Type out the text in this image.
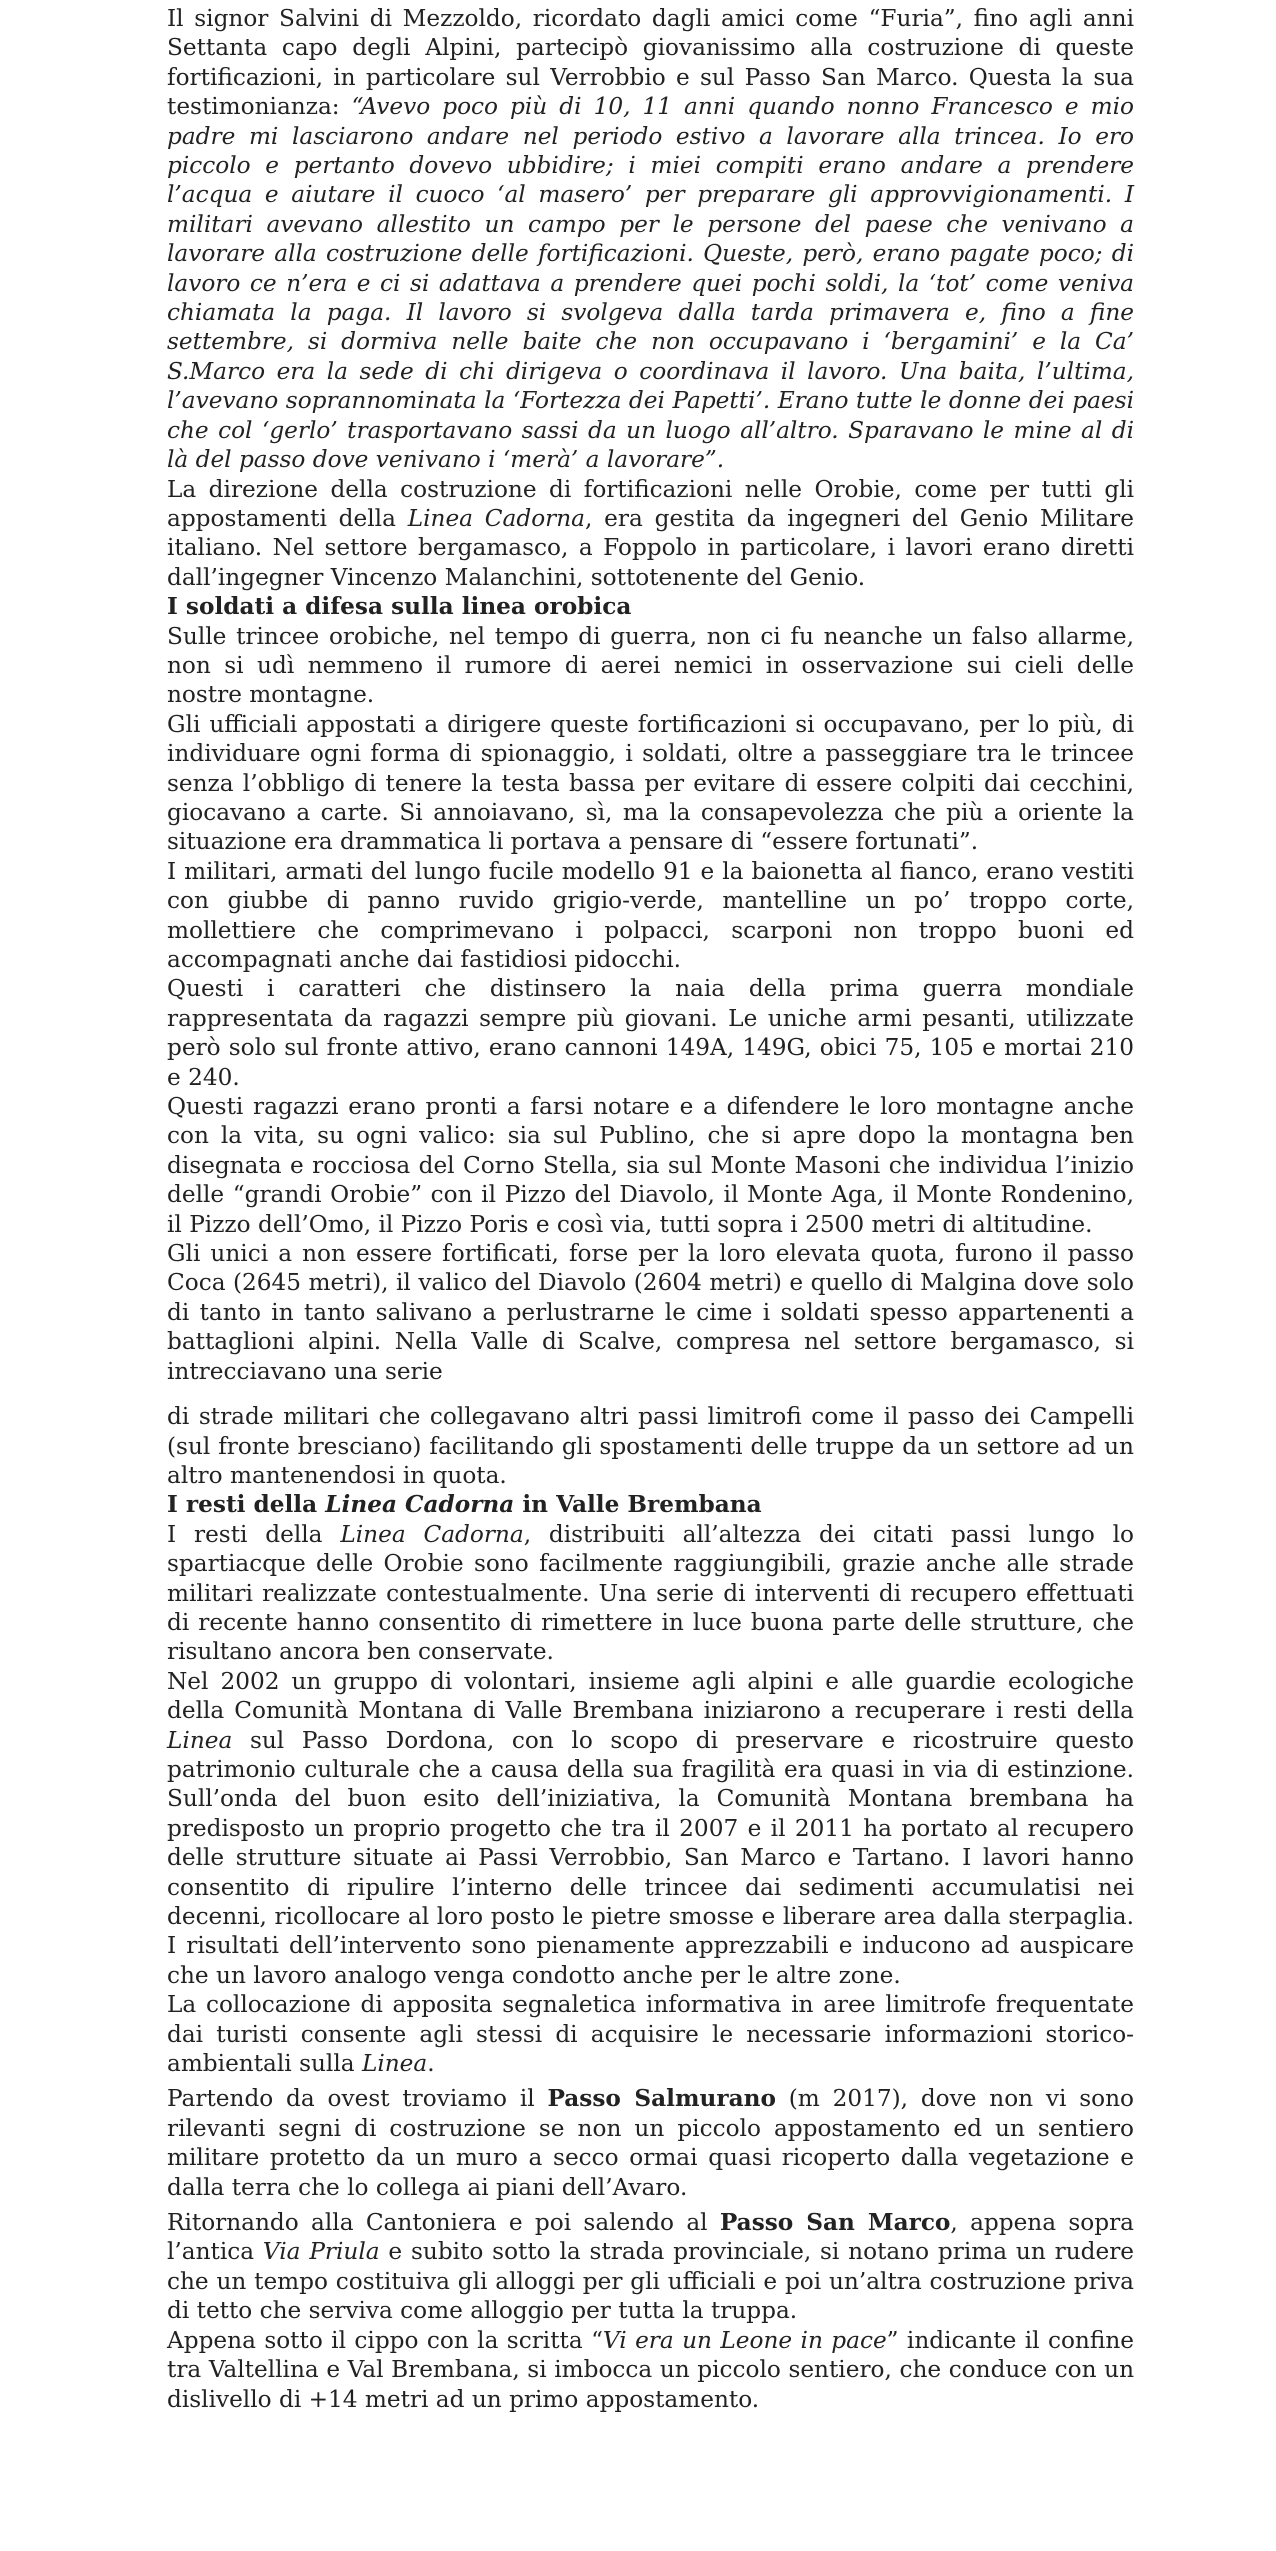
Il signor Salvini di Mezzoldo, ricordato dagli amici come “Furia”, fino agli anni Settanta capo degli Alpini, partecipò giovanissimo alla costruzione di queste fortificazioni, in particolare sul Verrobbio e sul Passo San Marco. Questa la sua testimonianza: “Avevo poco più di 10, 11 anni quando nonno Francesco e mio padre mi lasciarono andare nel periodo estivo a lavorare alla trincea. Io ero piccolo e pertanto dovevo ubbidire; i miei compiti erano andare a prendere l’acqua e aiutare il cuoco ‘al masero’ per preparare gli approvvigionamenti. I militari avevano allestito un campo per le persone del paese che venivano a lavorare alla costruzione delle fortificazioni. Queste, però, erano pagate poco; di lavoro ce n’era e ci si adattava a prendere quei pochi soldi, la ‘tot’ come veniva chiamata la paga. Il lavoro si svolgeva dalla tarda primavera e, fino a fine settembre, si dormiva nelle baite che non occupavano i ‘bergamini’ e la Ca’ S.Marco era la sede di chi dirigeva o coordinava il lavoro. Una baita, l’ultima, l’avevano soprannominata la ‘Fortezza dei Papetti’. Erano tutte le donne dei paesi che col ‘gerlo’ trasportavano sassi da un luogo all’altro. Sparavano le mine al di là del passo dove venivano i ‘merà’ a lavorare”.

La direzione della costruzione di fortificazioni nelle Orobie, come per tutti gli appostamenti della Linea Cadorna, era gestita da ingegneri del Genio Militare italiano. Nel settore bergamasco, a Foppolo in particolare, i lavori erano diretti dall’ingegner Vincenzo Malanchini, sottotenente del Genio.

I soldati a difesa sulla linea orobica

Sulle trincee orobiche, nel tempo di guerra, non ci fu neanche un falso allarme, non si udì nemmeno il rumore di aerei nemici in osservazione sui cieli delle nostre montagne.

Gli ufficiali appostati a dirigere queste fortificazioni si occupavano, per lo più, di individuare ogni forma di spionaggio, i soldati, oltre a passeggiare tra le trincee senza l’obbligo di tenere la testa bassa per evitare di essere colpiti dai cecchini, giocavano a carte. Si annoiavano, sì, ma la consapevolezza che più a oriente la situazione era drammatica li portava a pensare di “essere fortunati”.

I militari, armati del lungo fucile modello 91 e la baionetta al fianco, erano vestiti con giubbe di panno ruvido grigio-verde, mantelline un po’ troppo corte, mollettiere che comprimevano i polpacci, scarponi non troppo buoni ed accompagnati anche dai fastidiosi pidocchi.

Questi i caratteri che distinsero la naia della prima guerra mondiale rappresentata da ragazzi sempre più giovani. Le uniche armi pesanti, utilizzate però solo sul fronte attivo, erano cannoni 149A, 149G, obici 75, 105 e mortai 210 e 240.

Questi ragazzi erano pronti a farsi notare e a difendere le loro montagne anche con la vita, su ogni valico: sia sul Publino, che si apre dopo la montagna ben disegnata e rocciosa del Corno Stella, sia sul Monte Masoni che individua l’inizio delle “grandi Orobie” con il Pizzo del Diavolo, il Monte Aga, il Monte Rondenino, il Pizzo dell’Omo, il Pizzo Poris e così via, tutti sopra i 2500 metri di altitudine.

Gli unici a non essere fortificati, forse per la loro elevata quota, furono il passo Coca (2645 metri), il valico del Diavolo (2604 metri) e quello di Malgina dove solo di tanto in tanto salivano a perlustrarne le cime i soldati spesso appartenenti a battaglioni alpini. Nella Valle di Scalve, compresa nel settore bergamasco, si intrecciavano una serie

di strade militari che collegavano altri passi limitrofi come il passo dei Campelli (sul fronte bresciano) facilitando gli spostamenti delle truppe da un settore ad un altro mantenendosi in quota.

I resti della Linea Cadorna in Valle Brembana

I resti della Linea Cadorna, distribuiti all’altezza dei citati passi lungo lo spartiacque delle Orobie sono facilmente raggiungibili, grazie anche alle strade militari realizzate contestualmente. Una serie di interventi di recupero effettuati di recente hanno consentito di rimettere in luce buona parte delle strutture, che risultano ancora ben conservate.

Nel 2002 un gruppo di volontari, insieme agli alpini e alle guardie ecologiche della Comunità Montana di Valle Brembana iniziarono a recuperare i resti della Linea sul Passo Dordona, con lo scopo di preservare e ricostruire questo patrimonio culturale che a causa della sua fragilità era quasi in via di estinzione. Sull’onda del buon esito dell’iniziativa, la Comunità Montana brembana ha predisposto un proprio progetto che tra il 2007 e il 2011 ha portato al recupero delle strutture situate ai Passi Verrobbio, San Marco e Tartano. I lavori hanno consentito di ripulire l’interno delle trincee dai sedimenti accumulatisi nei decenni, ricollocare al loro posto le pietre smosse e liberare area dalla sterpaglia. I risultati dell’intervento sono pienamente apprezzabili e inducono ad auspicare che un lavoro analogo venga condotto anche per le altre zone.

La collocazione di apposita segnaletica informativa in aree limitrofe frequentate dai turisti consente agli stessi di acquisire le necessarie informazioni storico-ambientali sulla Linea.

Partendo da ovest troviamo il Passo Salmurano (m 2017), dove non vi sono rilevanti segni di costruzione se non un piccolo appostamento ed un sentiero militare protetto da un muro a secco ormai quasi ricoperto dalla vegetazione e dalla terra che lo collega ai piani dell’Avaro.

Ritornando alla Cantoniera e poi salendo al Passo San Marco, appena sopra l’antica Via Priula e subito sotto la strada provinciale, si notano prima un rudere che un tempo costituiva gli alloggi per gli ufficiali e poi un’altra costruzione priva di tetto che serviva come alloggio per tutta la truppa.

Appena sotto il cippo con la scritta “Vi era un Leone in pace” indicante il confine tra Valtellina e Val Brembana, si imbocca un piccolo sentiero, che conduce con un dislivello di +14 metri ad un primo appostamento.
